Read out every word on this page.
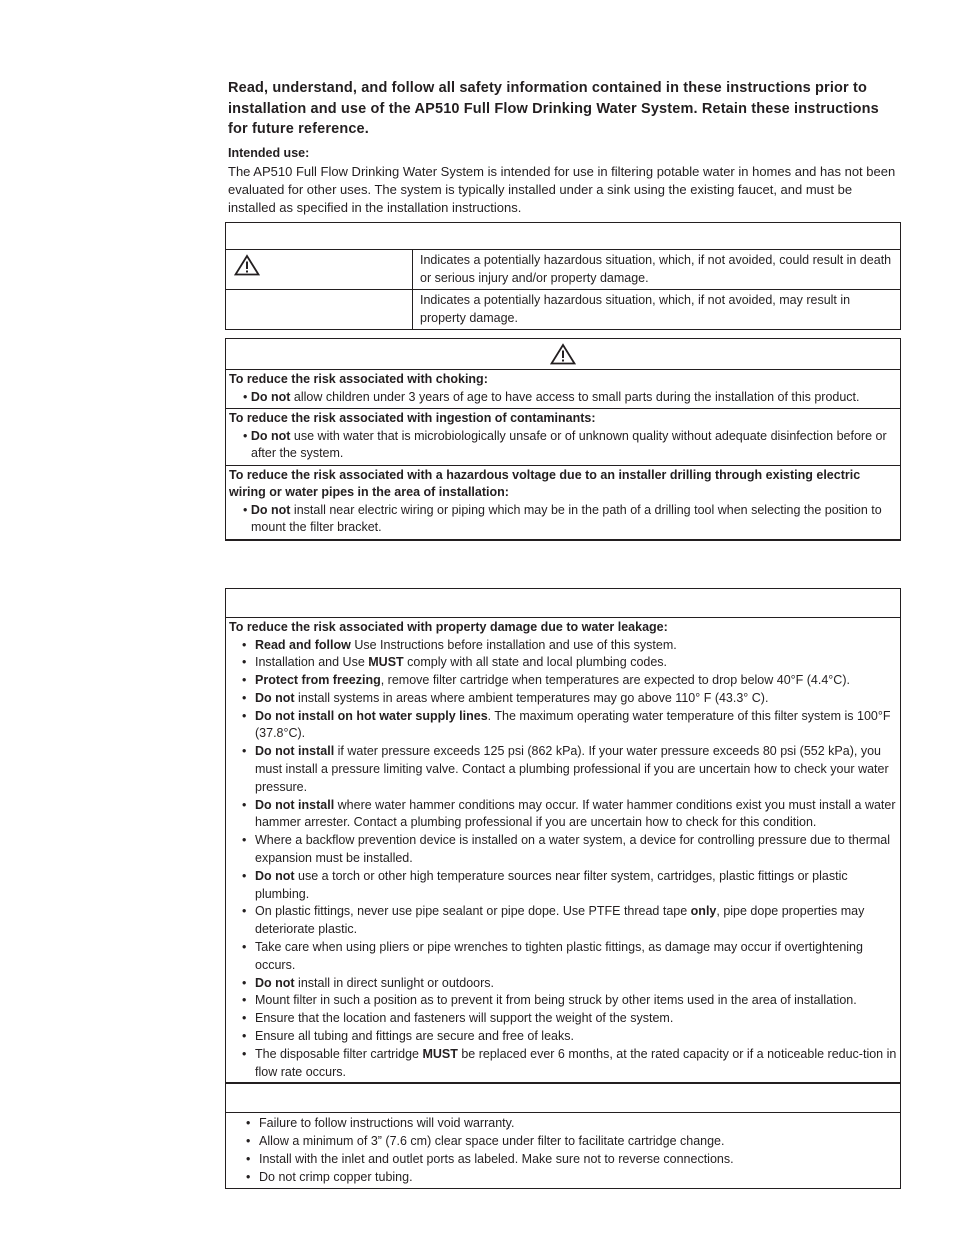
Read, understand, and follow all safety information contained in these instructions prior to installation and use of the AP510 Full Flow Drinking Water System. Retain these instructions for future reference.

Intended use:

The AP510 Full Flow Drinking Water System is intended for use in filtering potable water in homes and has not been evaluated for other uses. The system is typically installed under a sink using the existing faucet, and must be installed as specified in the installation instructions.

	Indicates a potentially hazardous situation, which, if not avoided, could result in death or serious injury and/or property damage.
	Indicates a potentially hazardous situation, which, if not avoided, may result in property damage.

To reduce the risk associated with choking:
• Do not allow children under 3 years of age to have access to small parts during the installation of this product.

To reduce the risk associated with ingestion of contaminants:
• Do not use with water that is microbiologically unsafe or of unknown quality without adequate disinfection before or after the system.

To reduce the risk associated with a hazardous voltage due to an installer drilling through existing electric wiring or water pipes in the area of installation:
• Do not install near electric wiring or piping which may be in the path of a drilling tool when selecting the position to mount the filter bracket.

To reduce the risk associated with property damage due to water leakage:
• Read and follow Use Instructions before installation and use of this system.
• Installation and Use MUST comply with all state and local plumbing codes.
• Protect from freezing, remove filter cartridge when temperatures are expected to drop below 40°F (4.4°C).
• Do not install systems in areas where ambient temperatures may go above 110° F (43.3° C).
• Do not install on hot water supply lines. The maximum operating water temperature of this filter system is 100°F (37.8°C).
• Do not install if water pressure exceeds 125 psi (862 kPa). If your water pressure exceeds 80 psi (552 kPa), you must install a pressure limiting valve. Contact a plumbing professional if you are uncertain how to check your water pressure.
• Do not install where water hammer conditions may occur. If water hammer conditions exist you must install a water hammer arrester. Contact a plumbing professional if you are uncertain how to check for this condition.
• Where a backflow prevention device is installed on a water system, a device for controlling pressure due to thermal expansion must be installed.
• Do not use a torch or other high temperature sources near filter system, cartridges, plastic fittings or plastic plumbing.
• On plastic fittings, never use pipe sealant or pipe dope. Use PTFE thread tape only, pipe dope properties may deteriorate plastic.
• Take care when using pliers or pipe wrenches to tighten plastic fittings, as damage may occur if overtightening occurs.
• Do not install in direct sunlight or outdoors.
• Mount filter in such a position as to prevent it from being struck by other items used in the area of installation.
• Ensure that the location and fasteners will support the weight of the system.
• Ensure all tubing and fittings are secure and free of leaks.
• The disposable filter cartridge MUST be replaced ever 6 months, at the rated capacity or if a noticeable reduc-tion in flow rate occurs.

• Failure to follow instructions will void warranty.
• Allow a minimum of 3” (7.6 cm) clear space under filter to facilitate cartridge change.
• Install with the inlet and outlet ports as labeled. Make sure not to reverse connections.
• Do not crimp copper tubing.
